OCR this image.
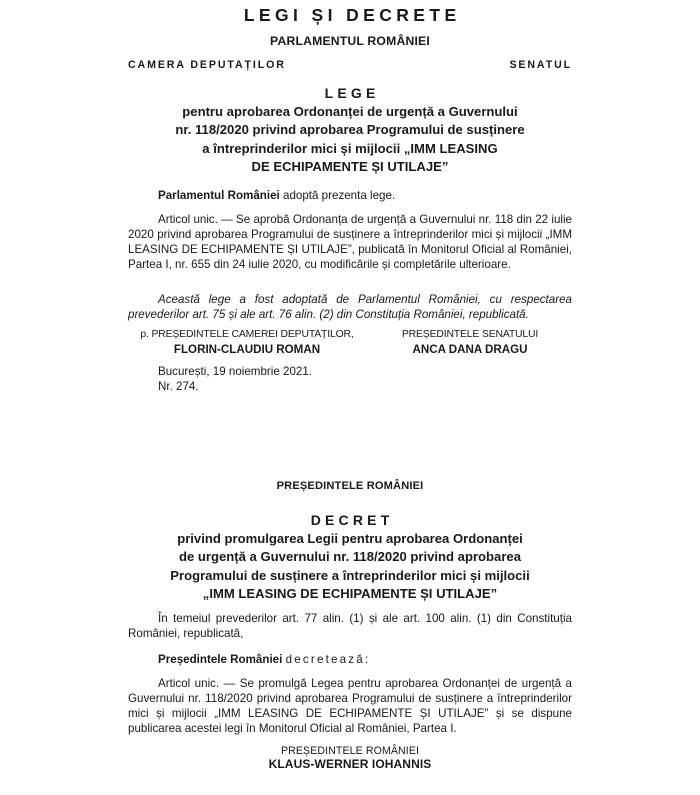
LEGI ȘI DECRETE
PARLAMENTUL ROMÂNIEI
CAMERA DEPUTAȚILOR	SENATUL
LEGE
pentru aprobarea Ordonanței de urgență a Guvernului
nr. 118/2020 privind aprobarea Programului de susținere
a întreprinderilor mici și mijlocii „IMM LEASING
DE ECHIPAMENTE ȘI UTILAJE”
Parlamentul României adoptă prezenta lege.
Articol unic. — Se aprobă Ordonanța de urgență a Guvernului nr. 118 din 22 iulie 2020 privind aprobarea Programului de susținere a întreprinderilor mici și mijlocii „IMM LEASING DE ECHIPAMENTE ȘI UTILAJE”, publicată în Monitorul Oficial al României, Partea I, nr. 655 din 24 iulie 2020, cu modificările și completările ulterioare.
Această lege a fost adoptată de Parlamentul României, cu respectarea prevederilor art. 75 și ale art. 76 alin. (2) din Constituția României, republicată.
p. PREȘEDINTELE CAMEREI DEPUTAȚILOR,
FLORIN-CLAUDIU ROMAN
PREȘEDINTELE SENATULUI
ANCA DANA DRAGU
București, 19 noiembrie 2021.
Nr. 274.
PREȘEDINTELE ROMÂNIEI
DECRET
privind promulgarea Legii pentru aprobarea Ordonanței
de urgență a Guvernului nr. 118/2020 privind aprobarea
Programului de susținere a întreprinderilor mici și mijlocii
„IMM LEASING DE ECHIPAMENTE ȘI UTILAJE”
În temeiul prevederilor art. 77 alin. (1) și ale art. 100 alin. (1) din Constituția României, republicată,
Președintele României decretează:
Articol unic. — Se promulgă Legea pentru aprobarea Ordonanței de urgență a Guvernului nr. 118/2020 privind aprobarea Programului de susținere a întreprinderilor mici și mijlocii „IMM LEASING DE ECHIPAMENTE ȘI UTILAJE” și se dispune publicarea acestei legi în Monitorul Oficial al României, Partea I.
PREȘEDINTELE ROMÂNIEI
KLAUS-WERNER IOHANNIS
